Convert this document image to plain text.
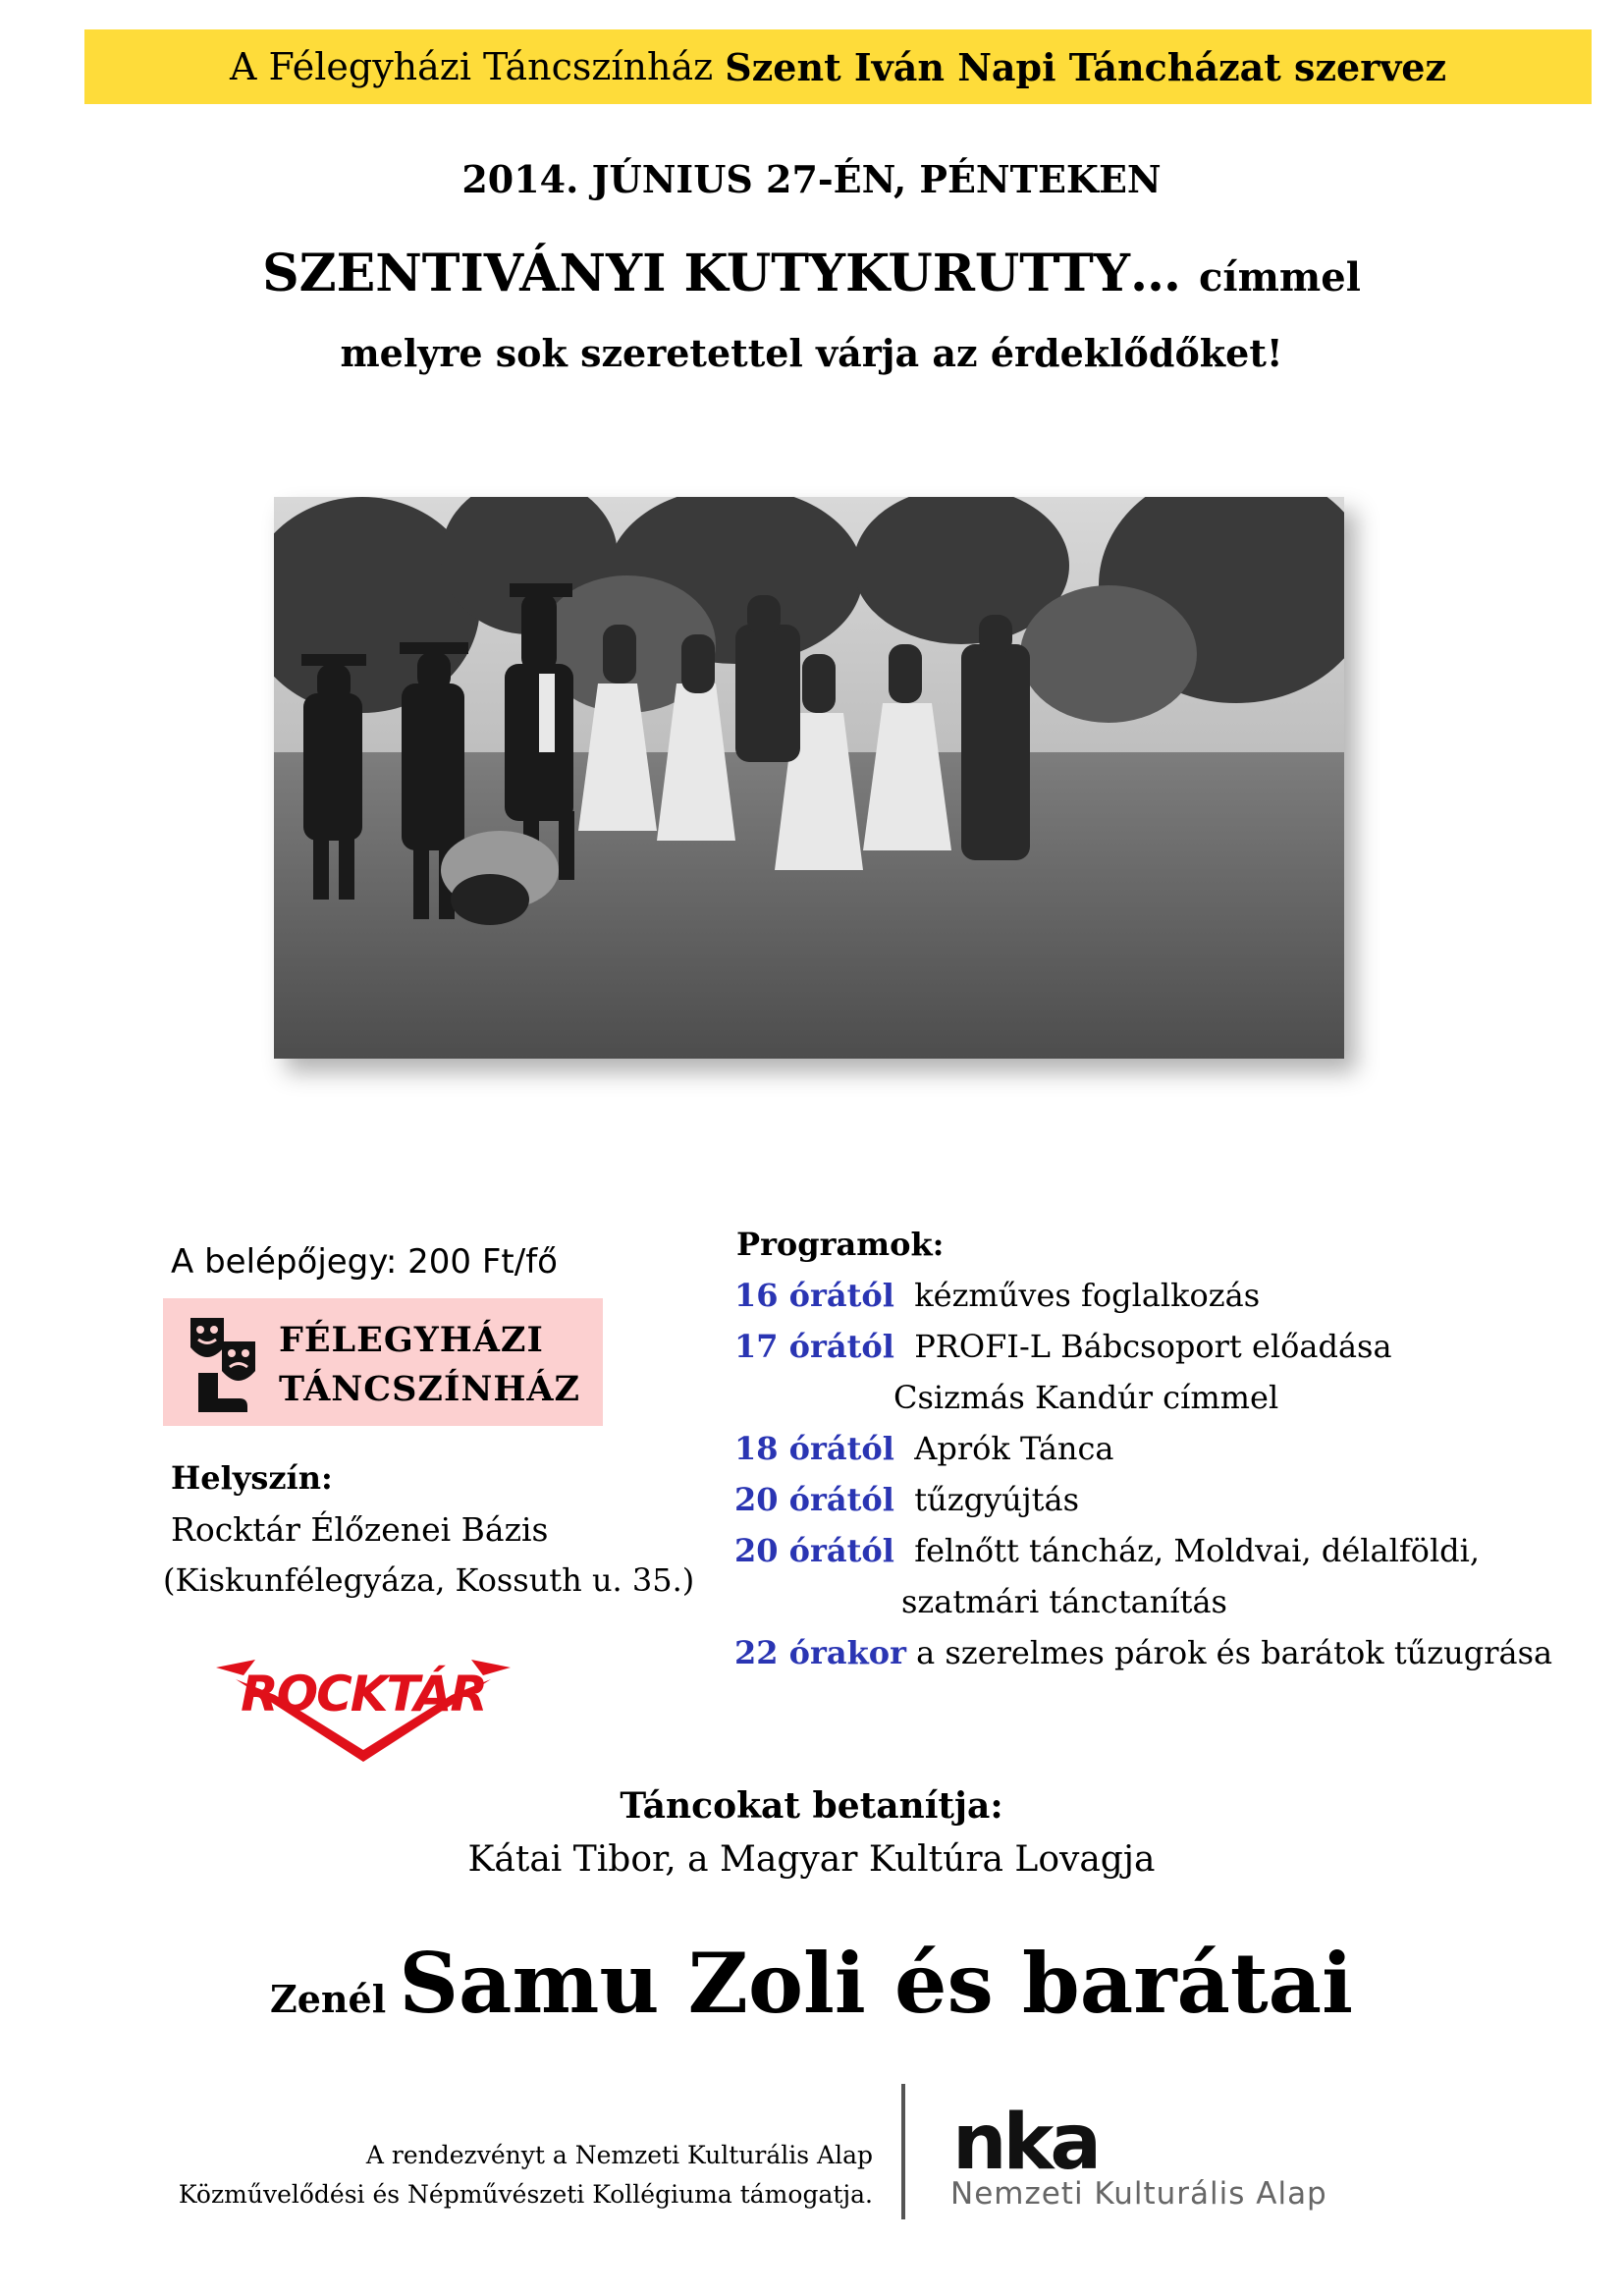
A Félegyházi Táncszínház
Szent Iván Napi Táncházat szervez
2014. JÚNIUS 27-ÉN, PÉNTEKEN
SZENTIVÁNYI KUTYKURUTTY… címmel
melyre sok szeretettel várja az érdeklődőket!
A belépőjegy: 200 Ft/fő
FÉLEGYHÁZI
TÁNCSZÍNHÁZ
Helyszín:
Rocktár Élőzenei Bázis
(Kiskunfélegyáza, Kossuth u. 35.)
ROCKTÁR
Programok:
16 órától  kézműves foglalkozás
17 órától  PROFI-L Bábcsoport előadása
Csizmás Kandúr címmel
18 órától  Aprók Tánca
20 órától  tűzgyújtás
20 órától  felnőtt táncház, Moldvai, délalföldi,
szatmári tánctanítás
22 órakor a szerelmes párok és barátok tűzugrása
Táncokat betanítja:
Kátai Tibor, a Magyar Kultúra Lovagja
Zenél Samu Zoli és barátai
A rendezvényt a Nemzeti Kulturális Alap
Közművelődési és Népművészeti Kollégiuma támogatja.
nka
Nemzeti Kulturális Alap
